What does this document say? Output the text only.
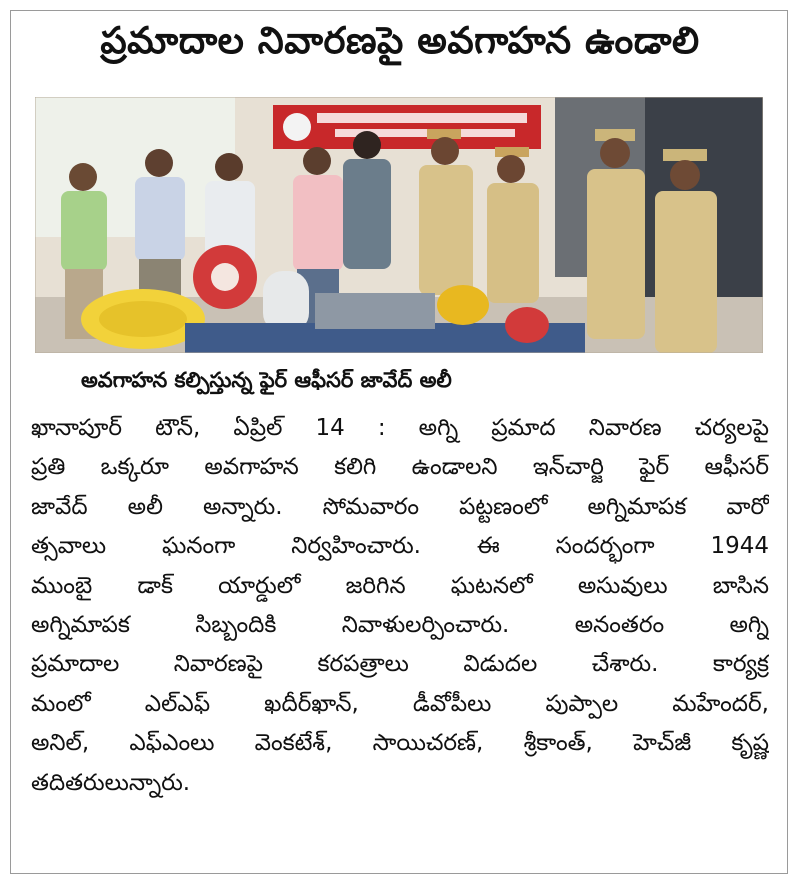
ప్రమాదాల నివారణపై అవగాహన ఉండాలి
అవగాహన కల్పిస్తున్న ఫైర్ ఆఫీసర్ జావేద్ అలీ
ఖానాపూర్ టౌన్, ఏప్రిల్ 14 : అగ్ని ప్రమాద నివారణ చర్యలపై
ప్రతి ఒక్కరూ అవగాహన కలిగి ఉండాలని ఇన్‌చార్జి ఫైర్ ఆఫీసర్
జావేద్ అలీ అన్నారు. సోమవారం పట్టణంలో అగ్నిమాపక వారో
త్సవాలు ఘనంగా నిర్వహించారు. ఈ సందర్భంగా 1944
ముంబై డాక్ యార్డులో జరిగిన ఘటనలో అసువులు బాసిన
అగ్నిమాపక సిబ్బందికి నివాళులర్పించారు. అనంతరం అగ్ని
ప్రమాదాల నివారణపై కరపత్రాలు విడుదల చేశారు. కార్యక్ర
మంలో ఎల్ఎఫ్ ఖదీర్‌ఖాన్, డీవోపీలు పుప్పాల మహేందర్,
అనిల్, ఎఫ్ఎంలు వెంకటేశ్, సాయిచరణ్, శ్రీకాంత్, హెచ్‌జీ కృష్ణ
తదితరులున్నారు.
